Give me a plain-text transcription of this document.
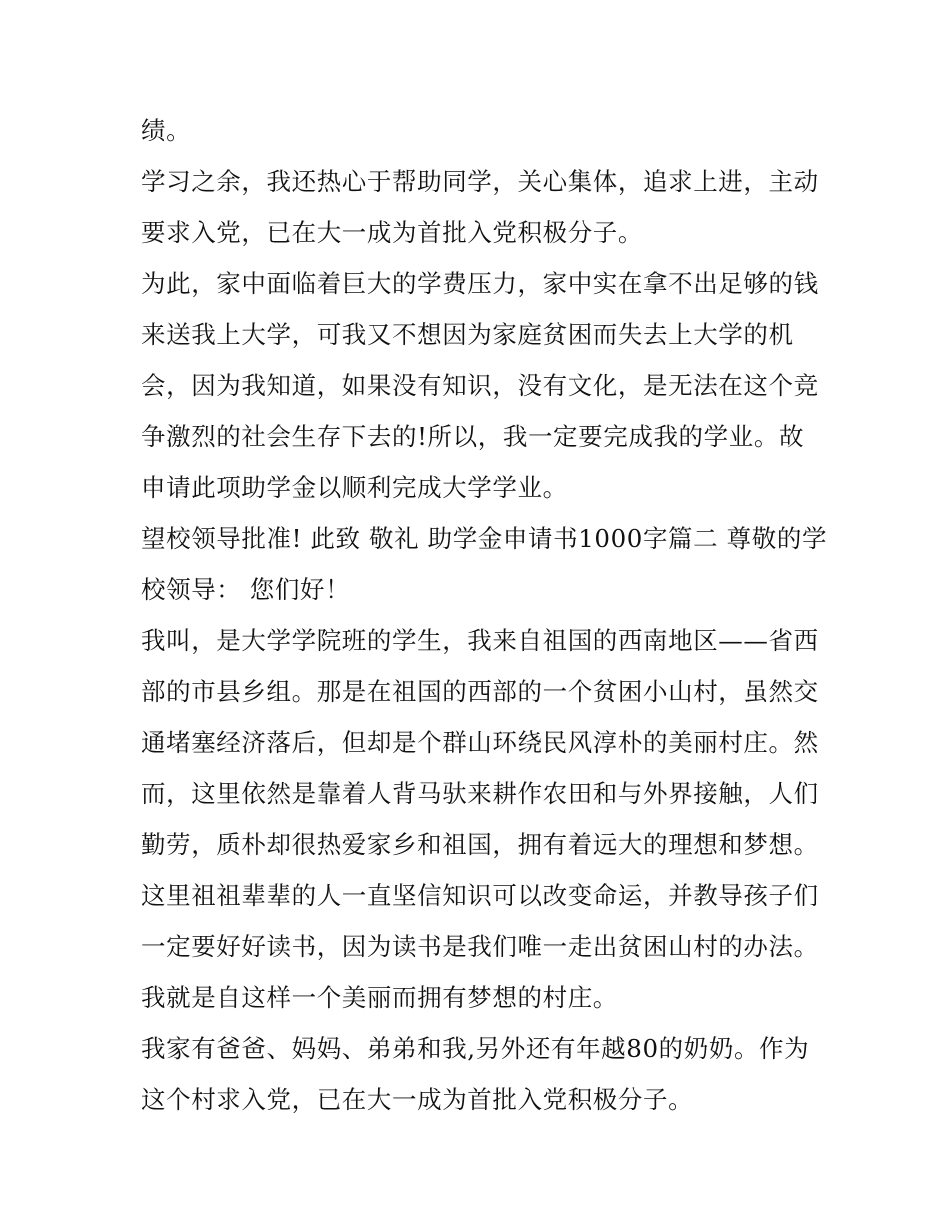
绩。
学习之余，我还热心于帮助同学，关心集体，追求上进，主动
要求入党，已在大一成为首批入党积极分子。
为此，家中面临着巨大的学费压力，家中实在拿不出足够的钱
来送我上大学，可我又不想因为家庭贫困而失去上大学的机
会，因为我知道，如果没有知识，没有文化，是无法在这个竞
争激烈的社会生存下去的!所以，我一定要完成我的学业。故
申请此项助学金以顺利完成大学学业。
望校领导批准! 此致 敬礼 助学金申请书1000字篇二 尊敬的学
校领导： 您们好！
我叫，是大学学院班的学生，我来自祖国的西南地区——省西
部的市县乡组。那是在祖国的西部的一个贫困小山村，虽然交
通堵塞经济落后，但却是个群山环绕民风淳朴的美丽村庄。然
而，这里依然是靠着人背马驮来耕作农田和与外界接触，人们
勤劳，质朴却很热爱家乡和祖国，拥有着远大的理想和梦想。
这里祖祖辈辈的人一直坚信知识可以改变命运，并教导孩子们
一定要好好读书，因为读书是我们唯一走出贫困山村的办法。
我就是自这样一个美丽而拥有梦想的村庄。
我家有爸爸、妈妈、弟弟和我,另外还有年越80的奶奶。作为
这个村求入党，已在大一成为首批入党积极分子。
